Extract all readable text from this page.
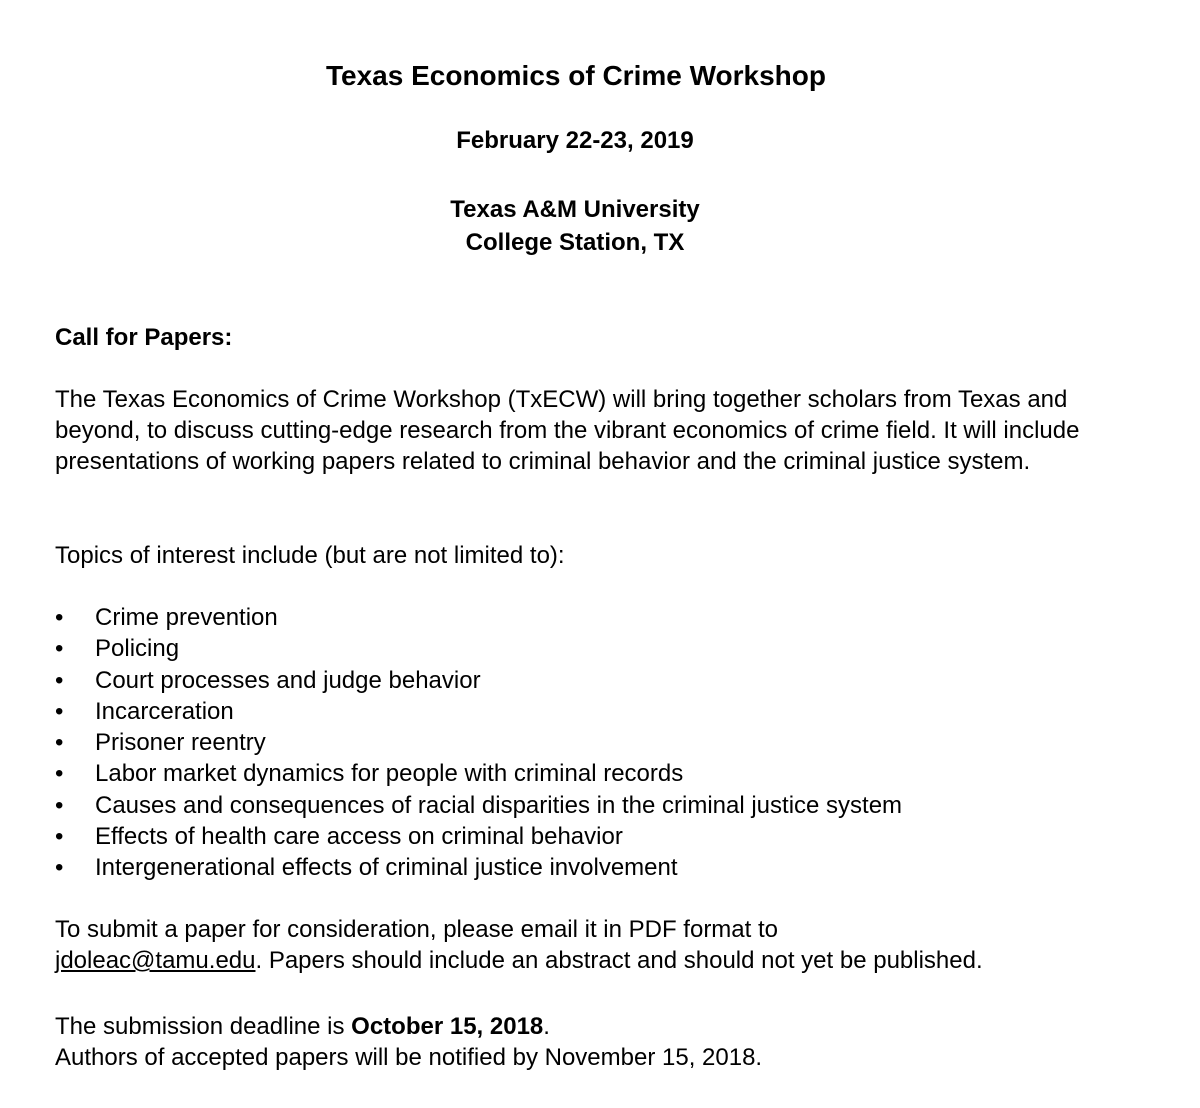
Texas Economics of Crime Workshop
February 22-23, 2019
Texas A&M University
College Station, TX
Call for Papers:
The Texas Economics of Crime Workshop (TxECW) will bring together scholars from Texas and beyond, to discuss cutting-edge research from the vibrant economics of crime field. It will include presentations of working papers related to criminal behavior and the criminal justice system.
Topics of interest include (but are not limited to):
• Crime prevention
• Policing
• Court processes and judge behavior
• Incarceration
• Prisoner reentry
• Labor market dynamics for people with criminal records
• Causes and consequences of racial disparities in the criminal justice system
• Effects of health care access on criminal behavior
• Intergenerational effects of criminal justice involvement
To submit a paper for consideration, please email it in PDF format to
jdoleac@tamu.edu. Papers should include an abstract and should not yet be published.
The submission deadline is October 15, 2018.
Authors of accepted papers will be notified by November 15, 2018.
